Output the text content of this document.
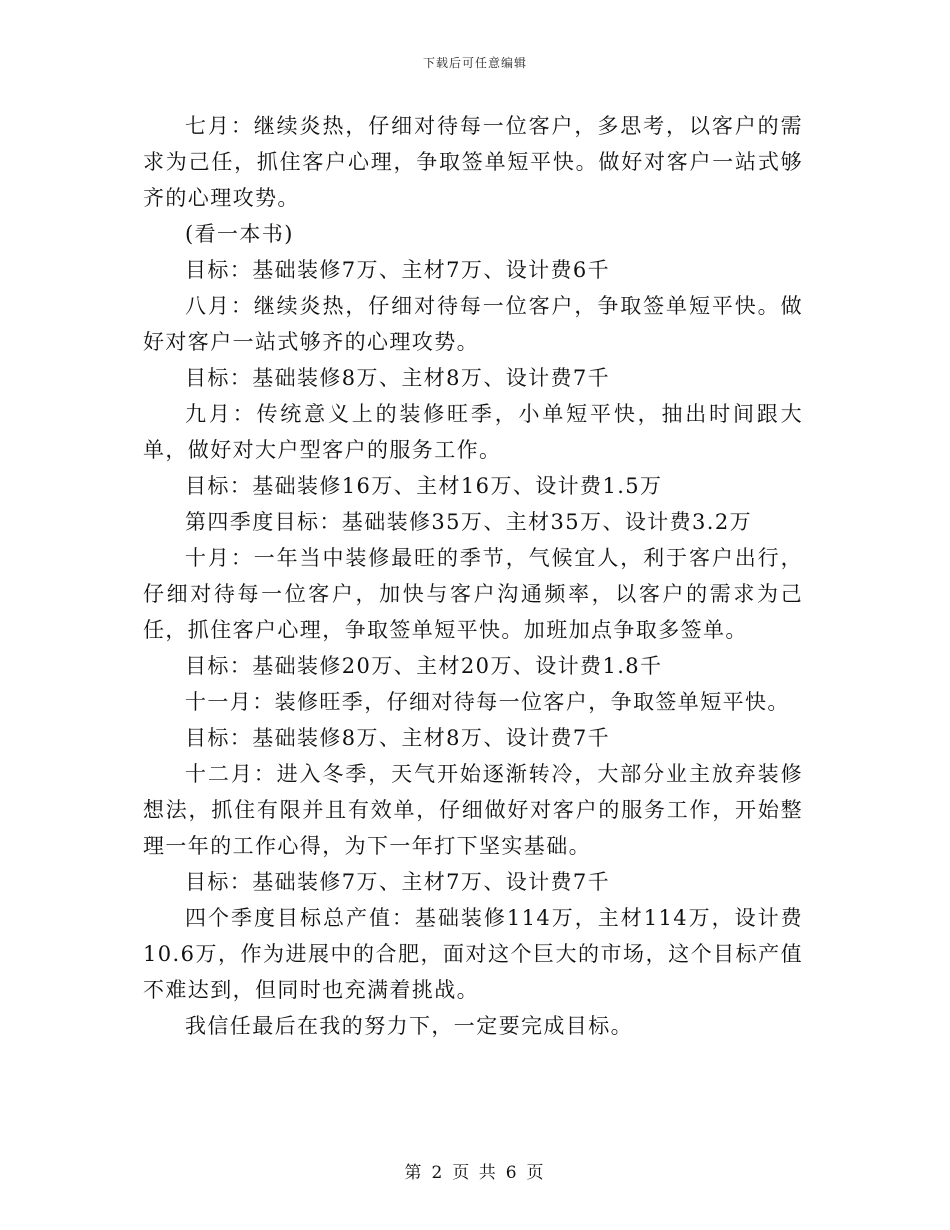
下载后可任意编辑

七月：继续炎热，仔细对待每一位客户，多思考，以客户的需求为己任，抓住客户心理，争取签单短平快。做好对客户一站式够齐的心理攻势。

(看一本书)

目标：基础装修7万、主材7万、设计费6千

八月：继续炎热，仔细对待每一位客户，争取签单短平快。做好对客户一站式够齐的心理攻势。

目标：基础装修8万、主材8万、设计费7千

九月：传统意义上的装修旺季，小单短平快，抽出时间跟大单，做好对大户型客户的服务工作。

目标：基础装修16万、主材16万、设计费1.5万

第四季度目标：基础装修35万、主材35万、设计费3.2万

十月：一年当中装修最旺的季节，气候宜人，利于客户出行，仔细对待每一位客户，加快与客户沟通频率，以客户的需求为己任，抓住客户心理，争取签单短平快。加班加点争取多签单。

目标：基础装修20万、主材20万、设计费1.8千

十一月：装修旺季，仔细对待每一位客户，争取签单短平快。

目标：基础装修8万、主材8万、设计费7千

十二月：进入冬季，天气开始逐渐转冷，大部分业主放弃装修想法，抓住有限并且有效单，仔细做好对客户的服务工作，开始整理一年的工作心得，为下一年打下坚实基础。

目标：基础装修7万、主材7万、设计费7千

四个季度目标总产值：基础装修114万，主材114万，设计费10.6万，作为进展中的合肥，面对这个巨大的市场，这个目标产值不难达到，但同时也充满着挑战。

我信任最后在我的努力下，一定要完成目标。

第 2 页 共 6 页
